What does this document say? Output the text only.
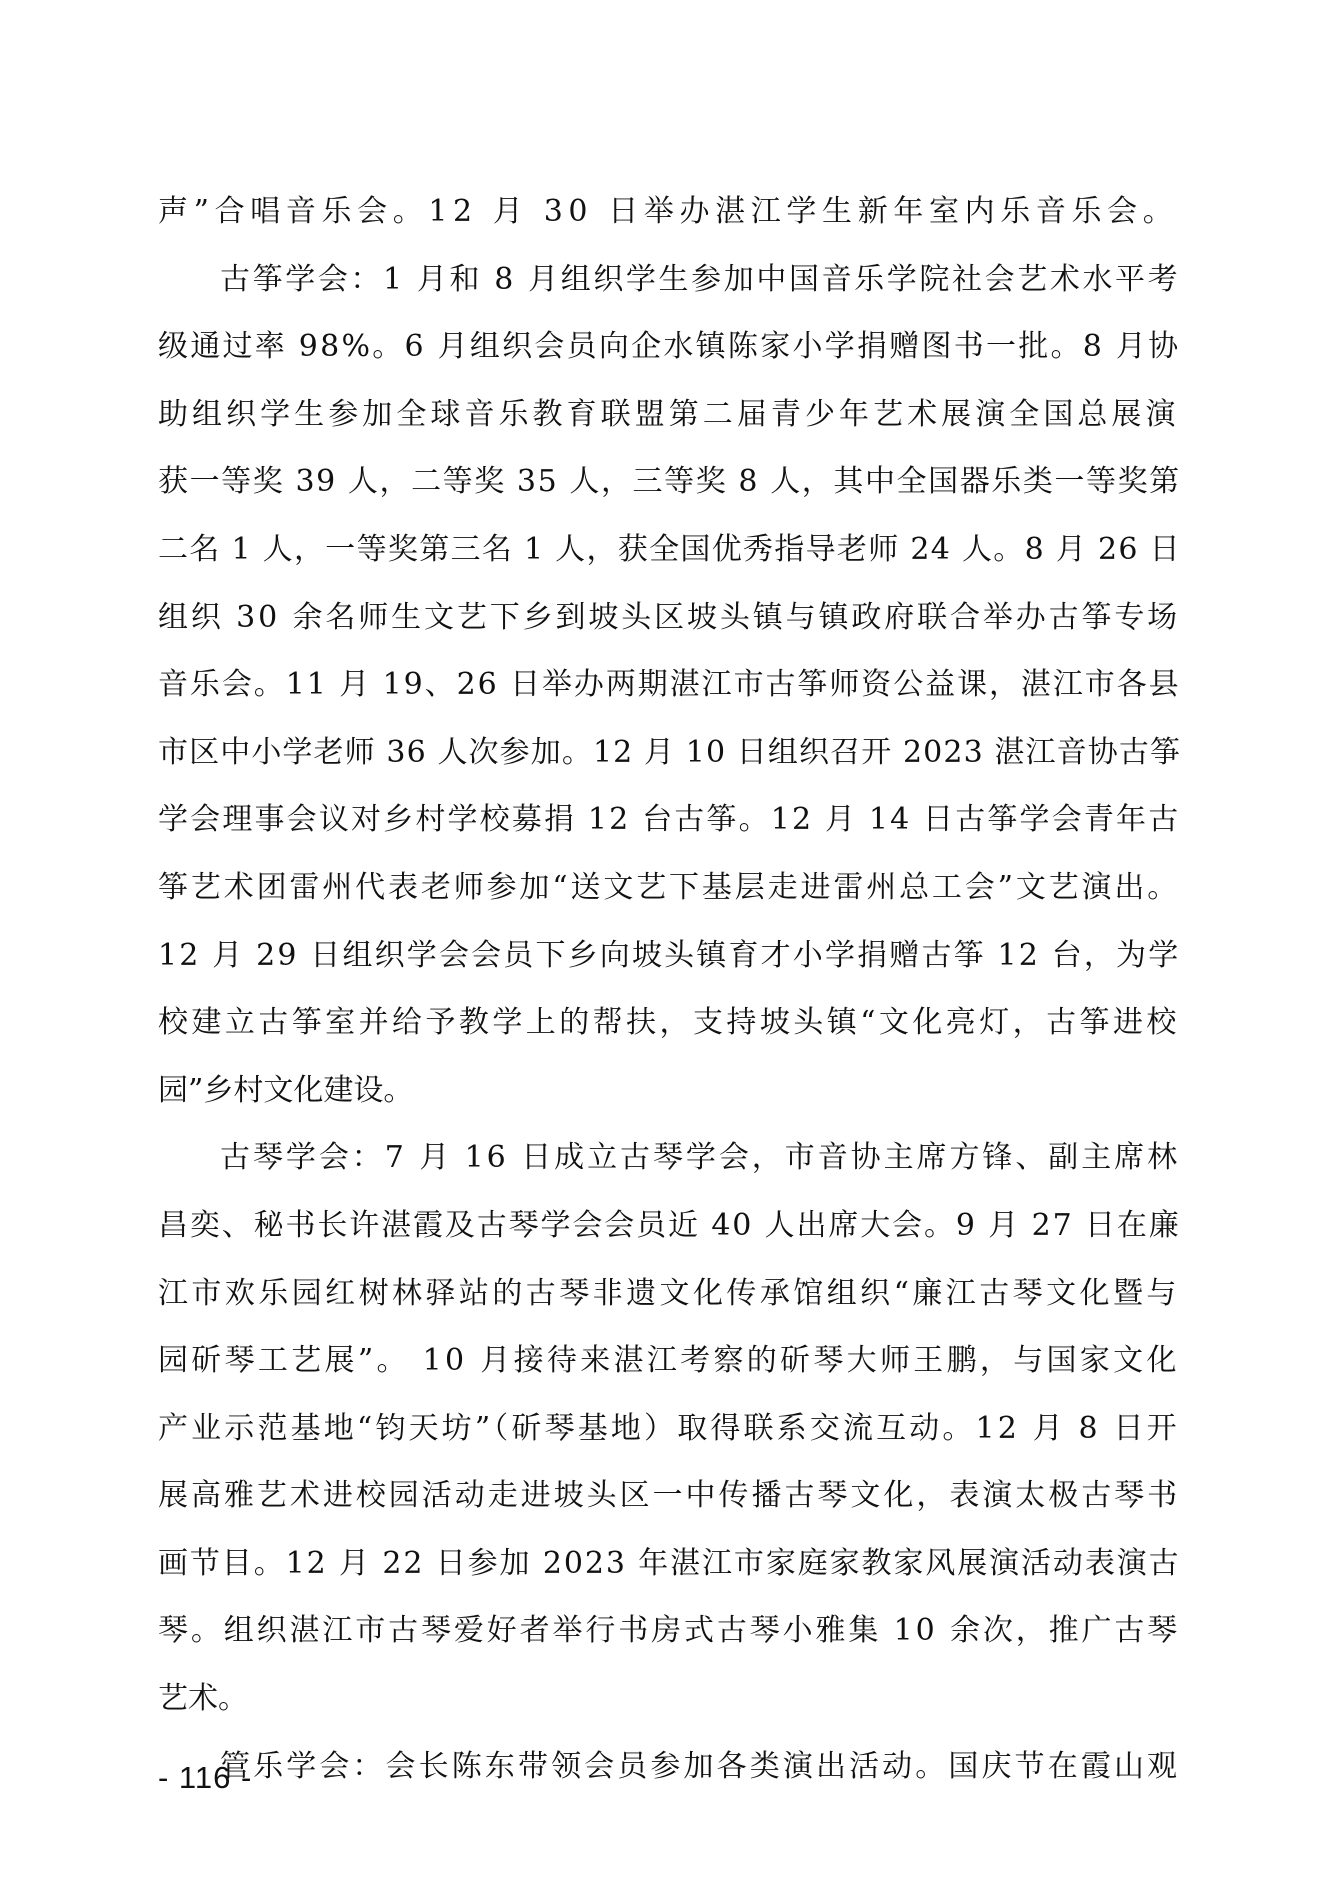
声”合唱音乐会。12 月 30 日举办湛江学生新年室内乐音乐会。
古筝学会：1 月和 8 月组织学生参加中国音乐学院社会艺术水平考
级通过率 98%。6 月组织会员向企水镇陈家小学捐赠图书一批。8 月协
助组织学生参加全球音乐教育联盟第二届青少年艺术展演全国总展演
获一等奖 39 人，二等奖 35 人，三等奖 8 人，其中全国器乐类一等奖第
二名 1 人，一等奖第三名 1 人，获全国优秀指导老师 24 人。8 月 26 日
组织 30 余名师生文艺下乡到坡头区坡头镇与镇政府联合举办古筝专场
音乐会。11 月 19、26 日举办两期湛江市古筝师资公益课，湛江市各县
市区中小学老师 36 人次参加。12 月 10 日组织召开 2023 湛江音协古筝
学会理事会议对乡村学校募捐 12 台古筝。12 月 14 日古筝学会青年古
筝艺术团雷州代表老师参加“送文艺下基层走进雷州总工会”文艺演出。
12 月 29 日组织学会会员下乡向坡头镇育才小学捐赠古筝 12 台，为学
校建立古筝室并给予教学上的帮扶，支持坡头镇“文化亮灯，古筝进校
园”乡村文化建设。
古琴学会：7 月 16 日成立古琴学会，市音协主席方锋、副主席林
昌奕、秘书长许湛霞及古琴学会会员近 40 人出席大会。9 月 27 日在廉
江市欢乐园红树林驿站的古琴非遗文化传承馆组织“廉江古琴文化暨与
园斫琴工艺展”。 10 月接待来湛江考察的斫琴大师王鹏，与国家文化
产业示范基地“钧天坊”（斫琴基地）取得联系交流互动。12 月 8 日开
展高雅艺术进校园活动走进坡头区一中传播古琴文化，表演太极古琴书
画节目。12 月 22 日参加 2023 年湛江市家庭家教家风展演活动表演古
琴。组织湛江市古琴爱好者举行书房式古琴小雅集 10 余次，推广古琴
艺术。
管乐学会：会长陈东带领会员参加各类演出活动。国庆节在霞山观
- 116 -
